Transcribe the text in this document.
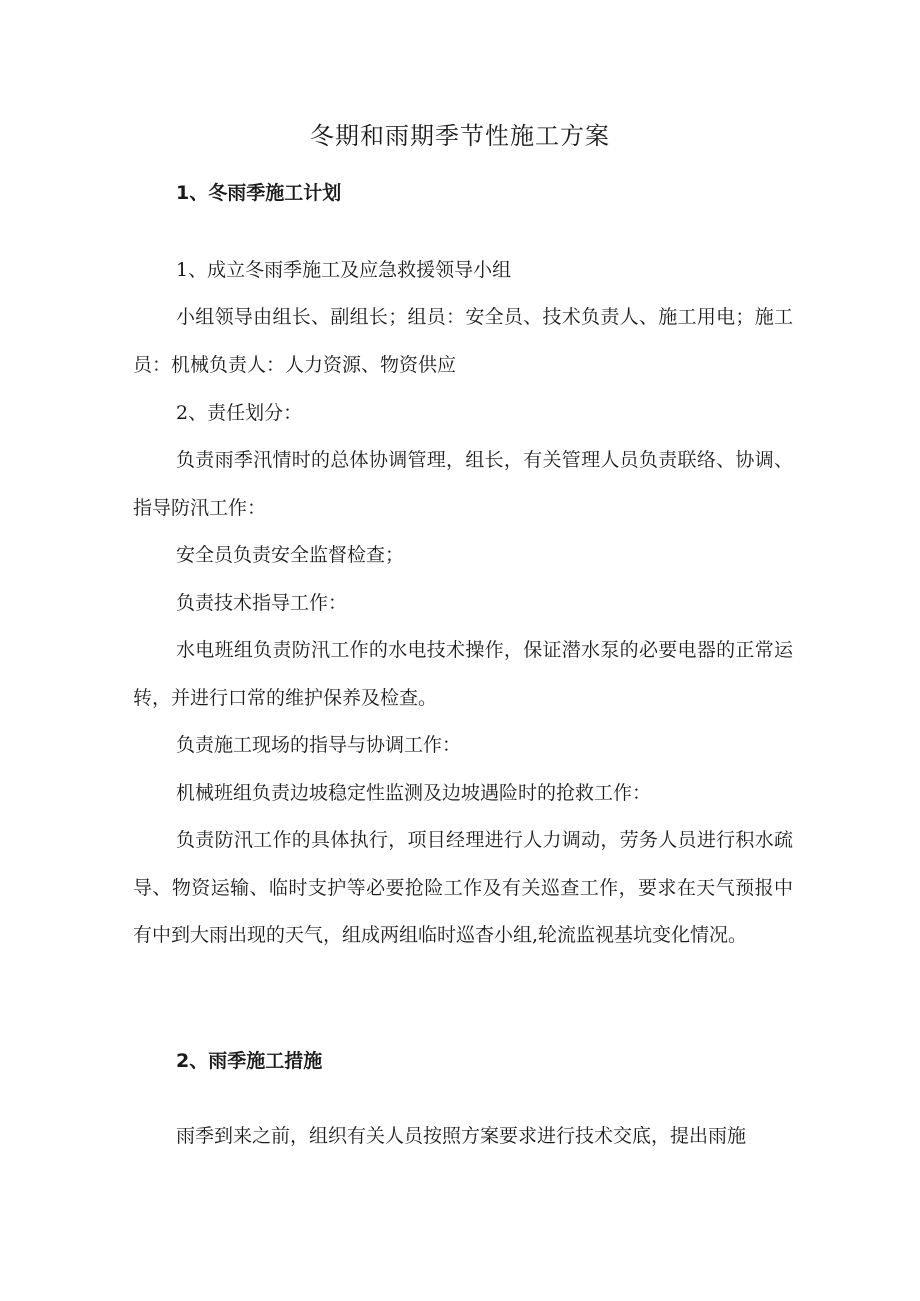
冬期和雨期季节性施工方案
1、冬雨季施工计划

1、成立冬雨季施工及应急救援领导小组

小组领导由组长、副组长；组员：安全员、技术负责人、施工用电；施工员：机械负责人：人力资源、物资供应

2、责任划分：

负责雨季汛情时的总体协调管理，组长，有关管理人员负责联络、协调、指导防汛工作：

安全员负责安全监督检查；

负责技术指导工作：

水电班组负责防汛工作的水电技术操作，保证潜水泵的必要电器的正常运转，并进行口常的维护保养及检查。

负责施工现场的指导与协调工作：

机械班组负责边坡稳定性监测及边坡遇险时的抢救工作：

负责防汛工作的具体执行，项目经理进行人力调动，劳务人员进行积水疏导、物资运输、临时支护等必要抢险工作及有关巡查工作，要求在天气预报中有中到大雨出现的天气，组成两组临时巡杳小组,轮流监视基坑变化情况。

2、雨季施工措施

雨季到来之前，组织有关人员按照方案要求进行技术交底，提出雨施
